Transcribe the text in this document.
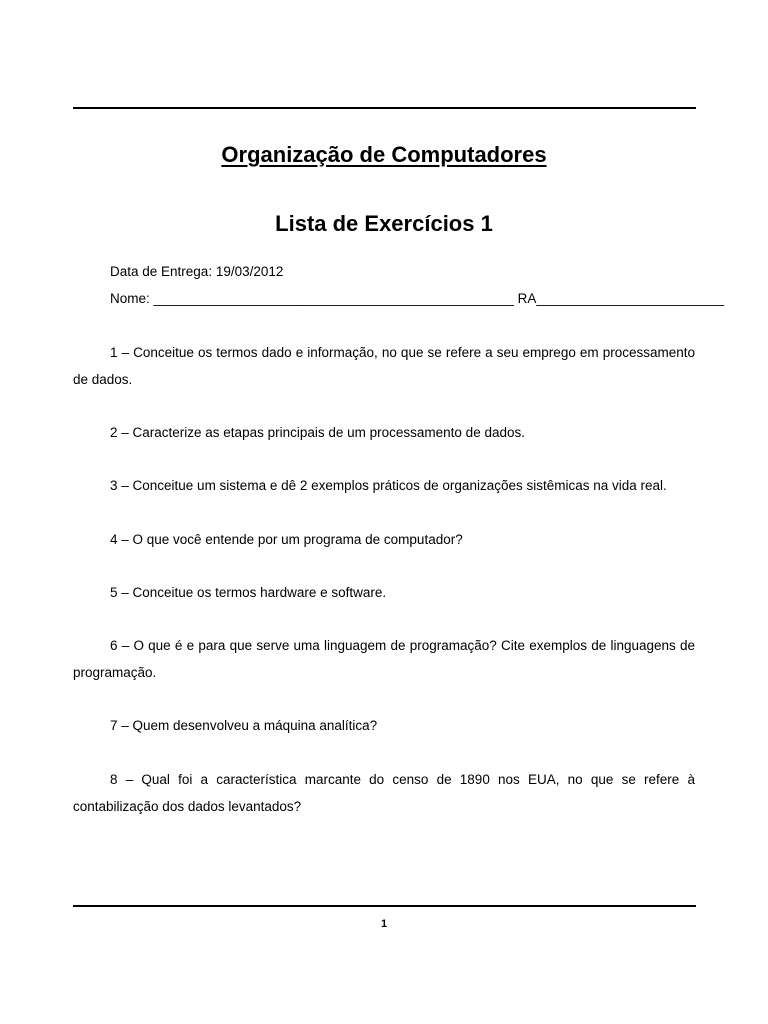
Organização de Computadores
Lista de Exercícios 1
Data de Entrega: 19/03/2012
Nome: ________________________________________________ RA_________________________
1 – Conceitue os termos dado e informação, no que se refere a seu emprego em processamento de dados.
2 – Caracterize as etapas principais de um processamento de dados.
3 – Conceitue um sistema e dê 2 exemplos práticos de organizações sistêmicas na vida real.
4 – O que você entende por um programa de computador?
5 – Conceitue os termos hardware e software.
6 – O que é e para que serve uma linguagem de programação? Cite exemplos de linguagens de programação.
7 – Quem desenvolveu a máquina analítica?
8 – Qual foi a característica marcante do censo de 1890 nos EUA, no que se refere à contabilização dos dados levantados?
1
